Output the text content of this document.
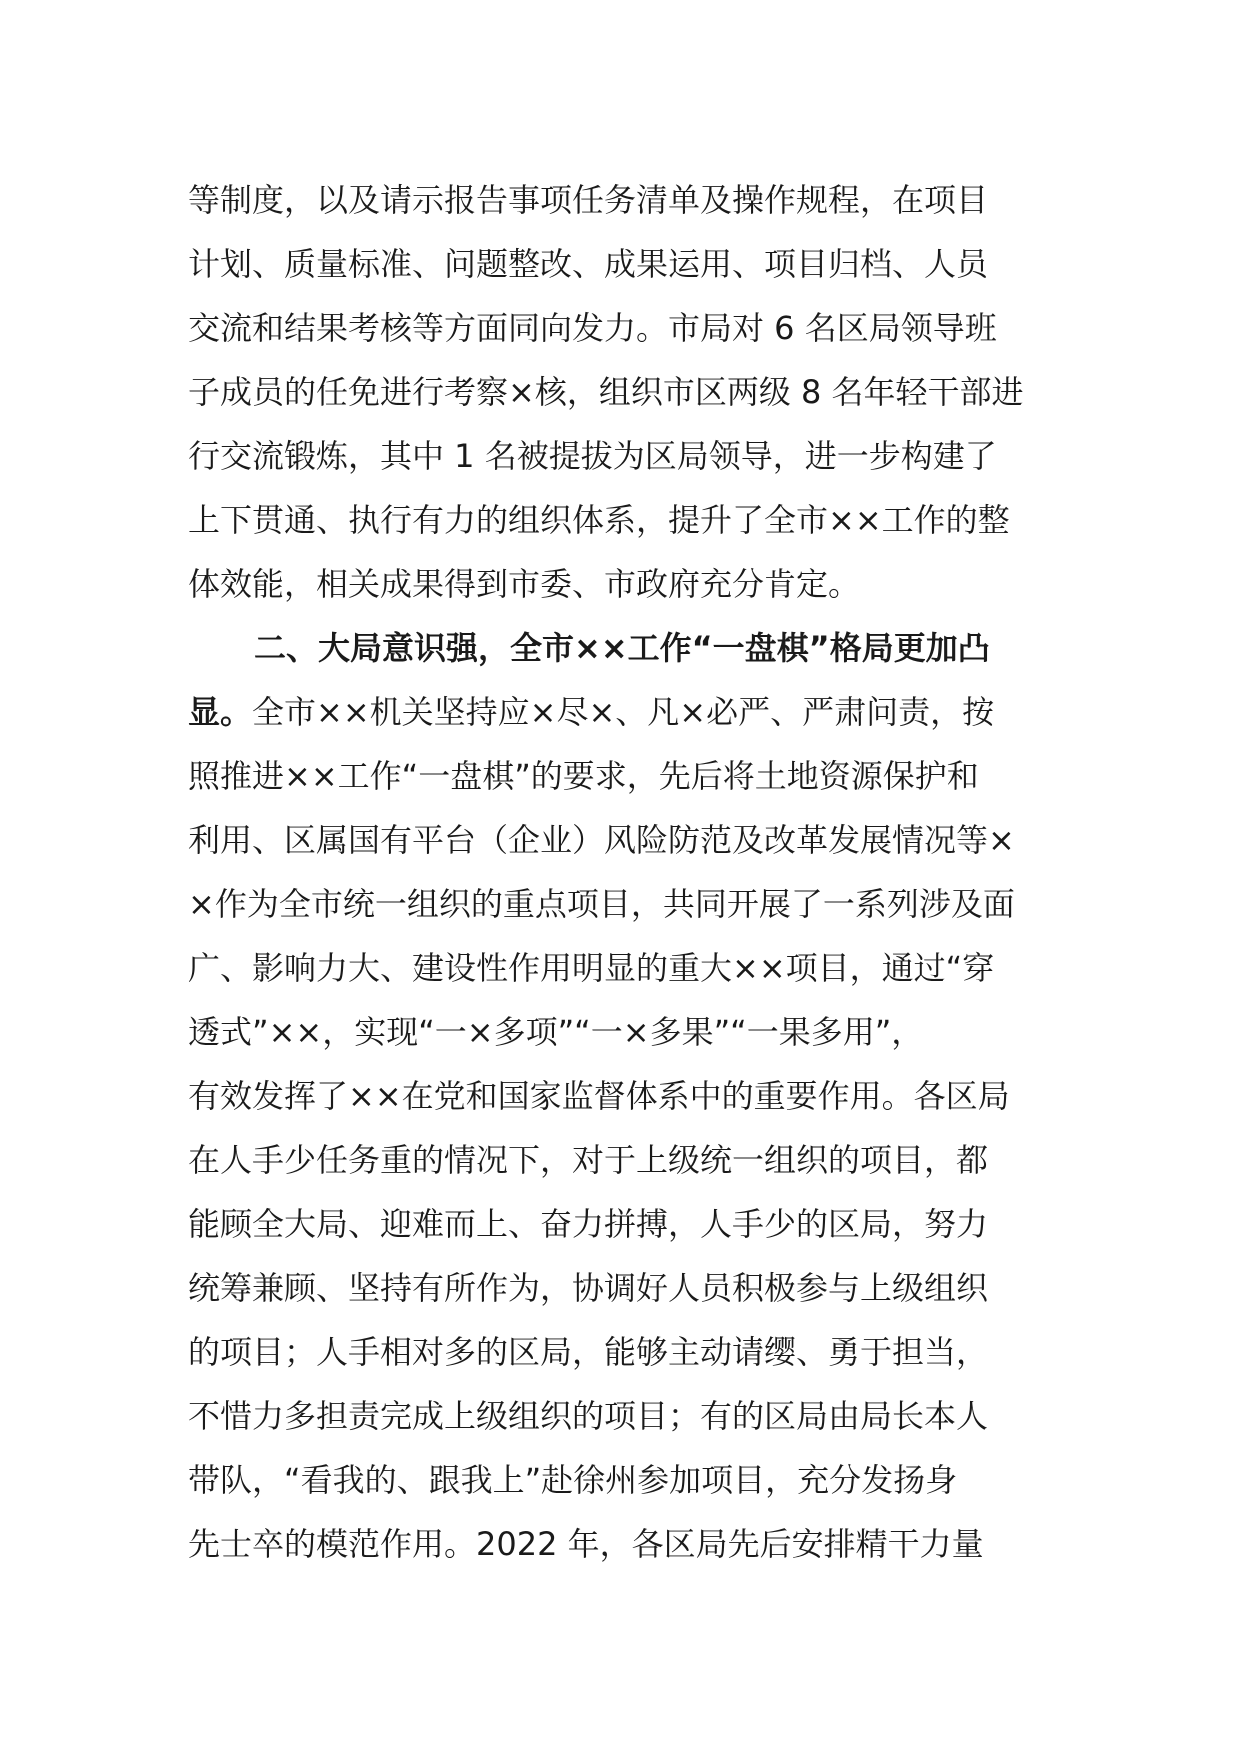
等制度，以及请示报告事项任务清单及操作规程，在项目
计划、质量标准、问题整改、成果运用、项目归档、人员
交流和结果考核等方面同向发力。市局对 6 名区局领导班
子成员的任免进行考察×核，组织市区两级 8 名年轻干部进
行交流锻炼，其中 1 名被提拔为区局领导，进一步构建了
上下贯通、执行有力的组织体系，提升了全市××工作的整
体效能，相关成果得到市委、市政府充分肯定。
二、大局意识强，全市××工作“一盘棋”格局更加凸
显。全市××机关坚持应×尽×、凡×必严、严肃问责，按
照推进××工作“一盘棋”的要求，先后将土地资源保护和
利用、区属国有平台（企业）风险防范及改革发展情况等×
×作为全市统一组织的重点项目，共同开展了一系列涉及面
广、影响力大、建设性作用明显的重大××项目，通过“穿
透式”××，实现“一×多项”“一×多果”“一果多用”，
有效发挥了××在党和国家监督体系中的重要作用。各区局
在人手少任务重的情况下，对于上级统一组织的项目，都
能顾全大局、迎难而上、奋力拼搏，人手少的区局，努力
统筹兼顾、坚持有所作为，协调好人员积极参与上级组织
的项目；人手相对多的区局，能够主动请缨、勇于担当，
不惜力多担责完成上级组织的项目；有的区局由局长本人
带队，“看我的、跟我上”赴徐州参加项目，充分发扬身
先士卒的模范作用。2022 年，各区局先后安排精干力量
